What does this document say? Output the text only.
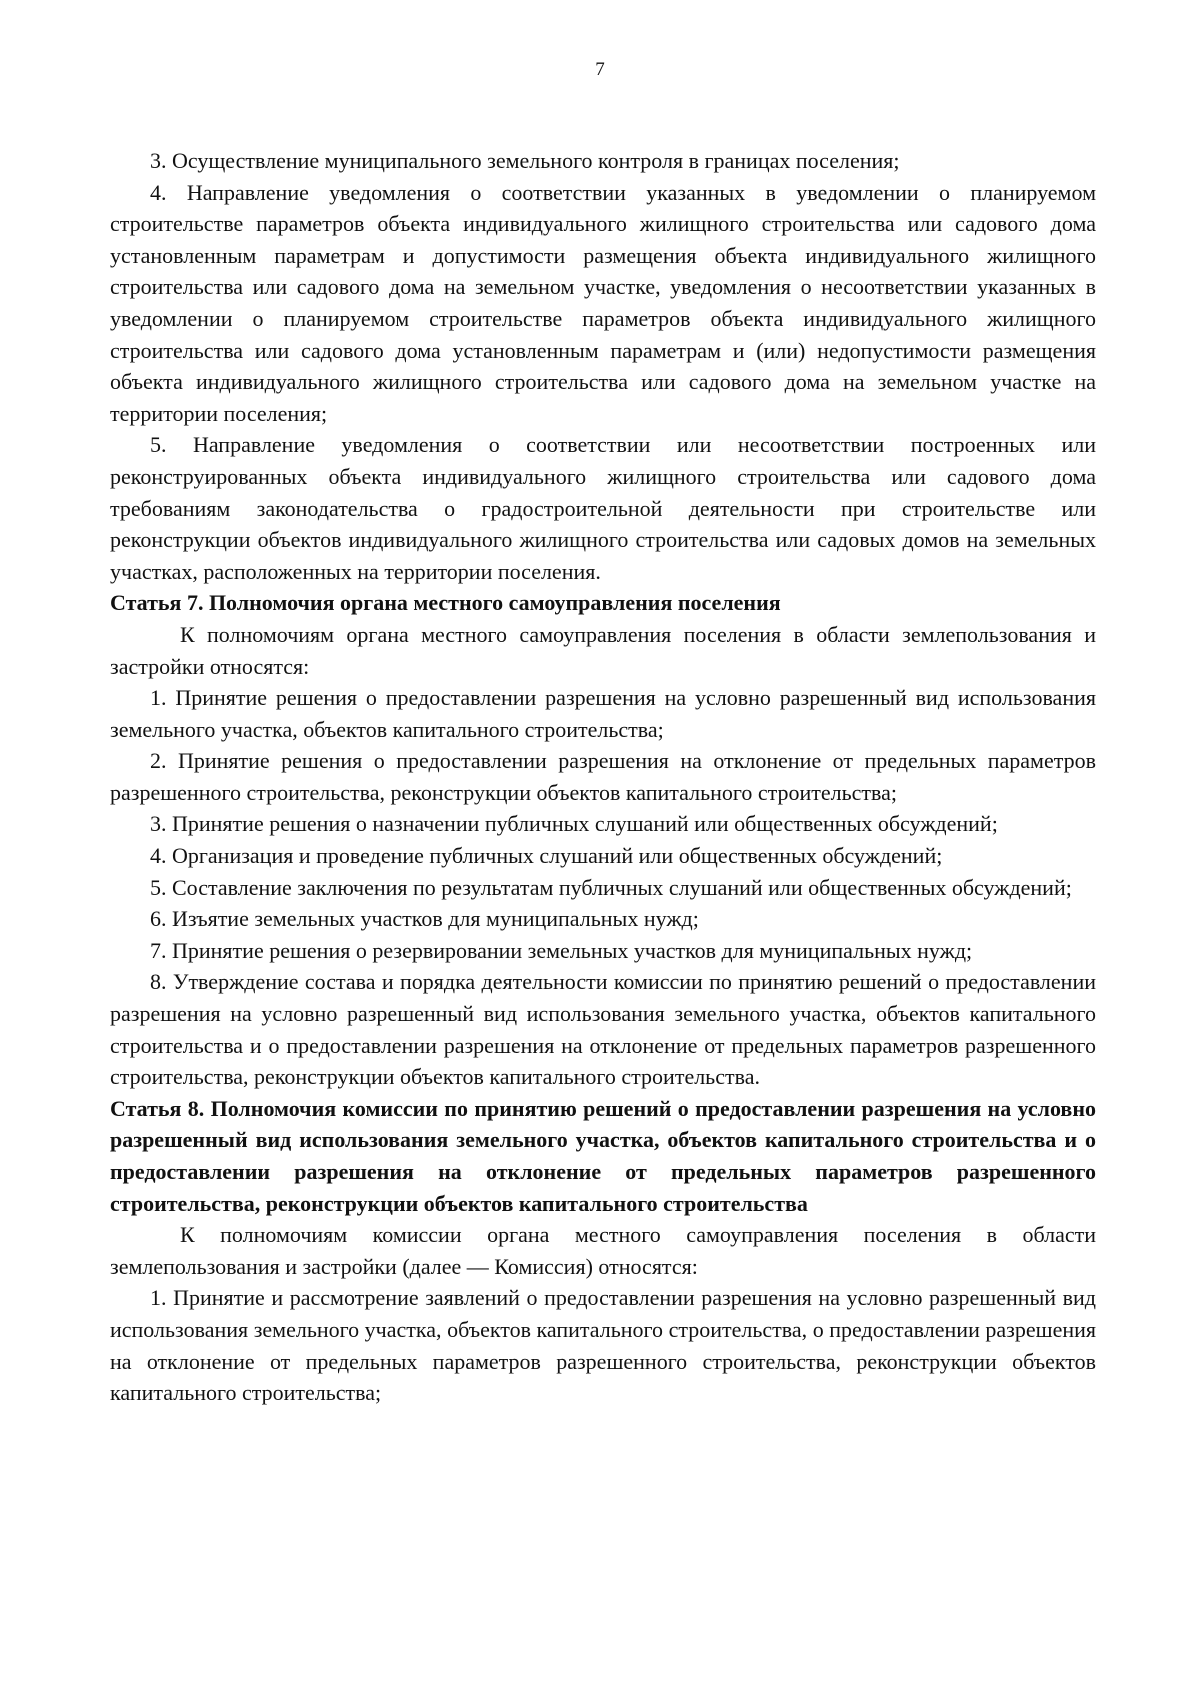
7

3. Осуществление муниципального земельного контроля в границах поселения;

4. Направление уведомления о соответствии указанных в уведомлении о планируемом строительстве параметров объекта индивидуального жилищного строительства или садового дома установленным параметрам и допустимости размещения объекта индивидуального жилищного строительства или садового дома на земельном участке, уведомления о несоответствии указанных в уведомлении о планируемом строительстве параметров объекта индивидуального жилищного строительства или садового дома установленным параметрам и (или) недопустимости размещения объекта индивидуального жилищного строительства или садового дома на земельном участке на территории поселения;

5. Направление уведомления о соответствии или несоответствии построенных или реконструированных объекта индивидуального жилищного строительства или садового дома требованиям законодательства о градостроительной деятельности при строительстве или реконструкции объектов индивидуального жилищного строительства или садовых домов на земельных участках, расположенных на территории поселения.

Статья 7. Полномочия органа местного самоуправления поселения

К полномочиям органа местного самоуправления поселения в области землепользования и застройки относятся:

1. Принятие решения о предоставлении разрешения на условно разрешенный вид использования земельного участка, объектов капитального строительства;

2. Принятие решения о предоставлении разрешения на отклонение от предельных параметров разрешенного строительства, реконструкции объектов капитального строительства;

3. Принятие решения о назначении публичных слушаний или общественных обсуждений;

4. Организация и проведение публичных слушаний или общественных обсуждений;

5. Составление заключения по результатам публичных слушаний или общественных обсуждений;

6. Изъятие земельных участков для муниципальных нужд;

7. Принятие решения о резервировании земельных участков для муниципальных нужд;

8. Утверждение состава и порядка деятельности комиссии по принятию решений о предоставлении разрешения на условно разрешенный вид использования земельного участка, объектов капитального строительства и о предоставлении разрешения на отклонение от предельных параметров разрешенного строительства, реконструкции объектов капитального строительства.

Статья 8. Полномочия комиссии по принятию решений о предоставлении разрешения на условно разрешенный вид использования земельного участка, объектов капитального строительства и о предоставлении разрешения на отклонение от предельных параметров разрешенного строительства, реконструкции объектов капитального строительства

К полномочиям комиссии органа местного самоуправления поселения в области землепользования и застройки (далее — Комиссия) относятся:

1. Принятие и рассмотрение заявлений о предоставлении разрешения на условно разрешенный вид использования земельного участка, объектов капитального строительства, о предоставлении разрешения на отклонение от предельных параметров разрешенного строительства, реконструкции объектов капитального строительства;
